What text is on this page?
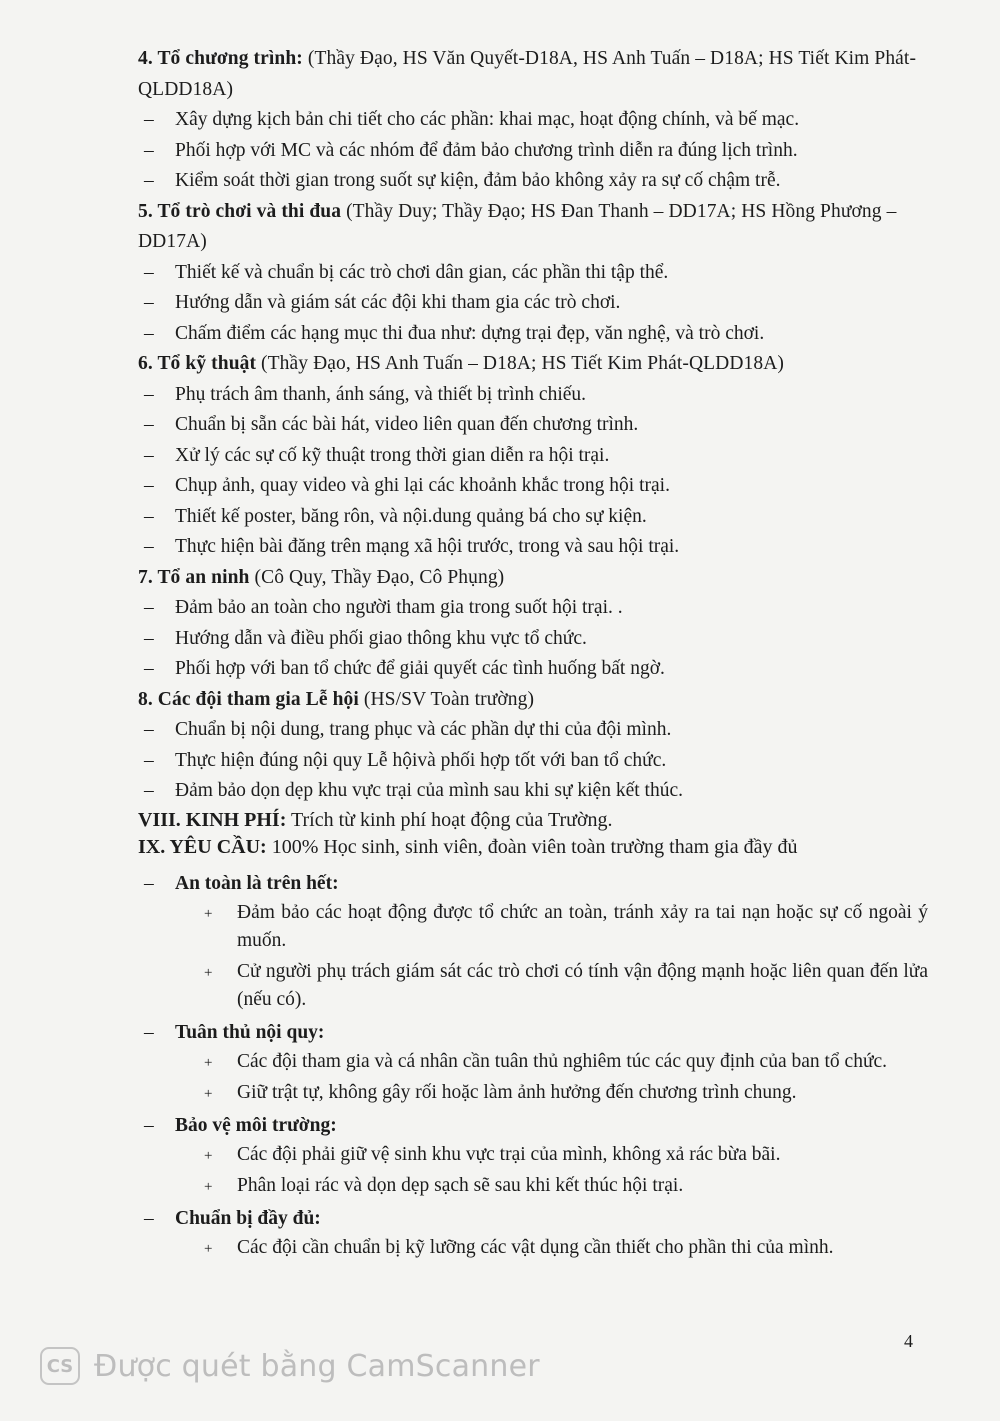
4. Tổ chương trình: (Thầy Đạo, HS Văn Quyết-D18A, HS Anh Tuấn – D18A; HS Tiết Kim Phát-QLDD18A)

– Xây dựng kịch bản chi tiết cho các phần: khai mạc, hoạt động chính, và bế mạc.
– Phối hợp với MC và các nhóm để đảm bảo chương trình diễn ra đúng lịch trình.
– Kiểm soát thời gian trong suốt sự kiện, đảm bảo không xảy ra sự cố chậm trễ.

5. Tổ trò chơi và thi đua (Thầy Duy; Thầy Đạo; HS Đan Thanh – DD17A; HS Hồng Phương – DD17A)

– Thiết kế và chuẩn bị các trò chơi dân gian, các phần thi tập thể.
– Hướng dẫn và giám sát các đội khi tham gia các trò chơi.
– Chấm điểm các hạng mục thi đua như: dựng trại đẹp, văn nghệ, và trò chơi.

6. Tổ kỹ thuật (Thầy Đạo, HS Anh Tuấn – D18A; HS Tiết Kim Phát-QLDD18A)

– Phụ trách âm thanh, ánh sáng, và thiết bị trình chiếu.
– Chuẩn bị sẵn các bài hát, video liên quan đến chương trình.
– Xử lý các sự cố kỹ thuật trong thời gian diễn ra hội trại.
– Chụp ảnh, quay video và ghi lại các khoảnh khắc trong hội trại.
– Thiết kế poster, băng rôn, và nội.dung quảng bá cho sự kiện.
– Thực hiện bài đăng trên mạng xã hội trước, trong và sau hội trại.

7. Tổ an ninh (Cô Quy, Thầy Đạo, Cô Phụng)

– Đảm bảo an toàn cho người tham gia trong suốt hội trại. .
– Hướng dẫn và điều phối giao thông khu vực tổ chức.
– Phối hợp với ban tổ chức để giải quyết các tình huống bất ngờ.

8. Các đội tham gia Lễ hội (HS/SV Toàn trường)

– Chuẩn bị nội dung, trang phục và các phần dự thi của đội mình.
– Thực hiện đúng nội quy Lễ hộivà phối hợp tốt với ban tổ chức.
– Đảm bảo dọn dẹp khu vực trại của mình sau khi sự kiện kết thúc.

VIII. KINH PHÍ: Trích từ kinh phí hoạt động của Trường.

IX. YÊU CẦU: 100% Học sinh, sinh viên, đoàn viên toàn trường tham gia đầy đủ

– An toàn là trên hết:
+ Đảm bảo các hoạt động được tổ chức an toàn, tránh xảy ra tai nạn hoặc sự cố ngoài ý muốn.
+ Cử người phụ trách giám sát các trò chơi có tính vận động mạnh hoặc liên quan đến lửa (nếu có).
– Tuân thủ nội quy:
+ Các đội tham gia và cá nhân cần tuân thủ nghiêm túc các quy định của ban tổ chức.
+ Giữ trật tự, không gây rối hoặc làm ảnh hưởng đến chương trình chung.
– Bảo vệ môi trường:
+ Các đội phải giữ vệ sinh khu vực trại của mình, không xả rác bừa bãi.
+ Phân loại rác và dọn dẹp sạch sẽ sau khi kết thúc hội trại.
– Chuẩn bị đầy đủ:
+ Các đội cần chuẩn bị kỹ lưỡng các vật dụng cần thiết cho phần thi của mình.
4
CS Được quét bằng CamScanner
